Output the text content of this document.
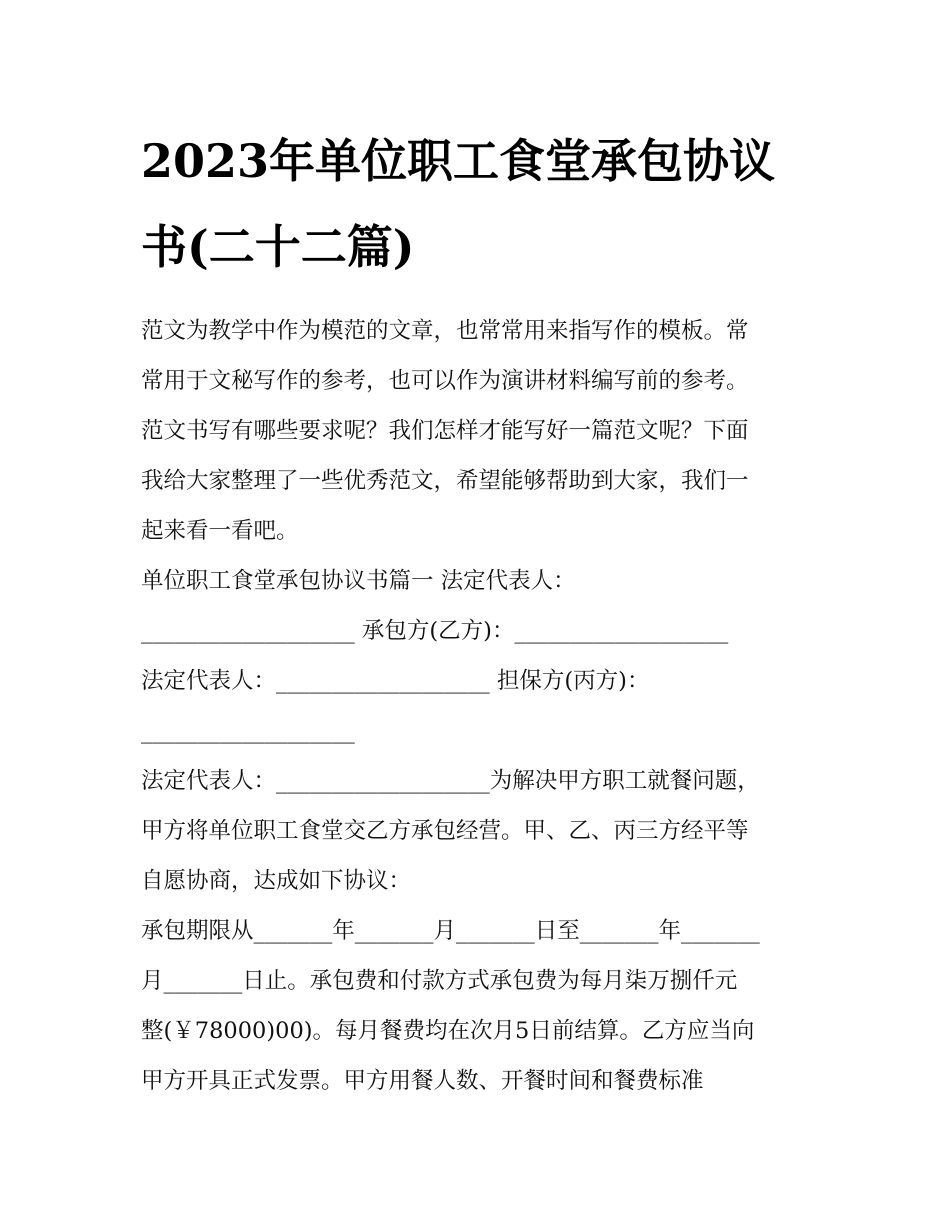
2023年单位职工食堂承包协议
书(二十二篇)
范文为教学中作为模范的文章，也常常用来指写作的模板。常
常用于文秘写作的参考，也可以作为演讲材料编写前的参考。
范文书写有哪些要求呢？我们怎样才能写好一篇范文呢？下面
我给大家整理了一些优秀范文，希望能够帮助到大家，我们一
起来看一看吧。
单位职工食堂承包协议书篇一 法定代表人：
___________________ 承包方(乙方)：___________________
法定代表人：___________________ 担保方(丙方)：
___________________
法定代表人：___________________为解决甲方职工就餐问题，
甲方将单位职工食堂交乙方承包经营。甲、乙、丙三方经平等
自愿协商，达成如下协议：
承包期限从_______年_______月_______日至_______年_______
月_______日止。承包费和付款方式承包费为每月柒万捌仟元
整(￥78000)00)。每月餐费均在次月5日前结算。乙方应当向
甲方开具正式发票。甲方用餐人数、开餐时间和餐费标准
